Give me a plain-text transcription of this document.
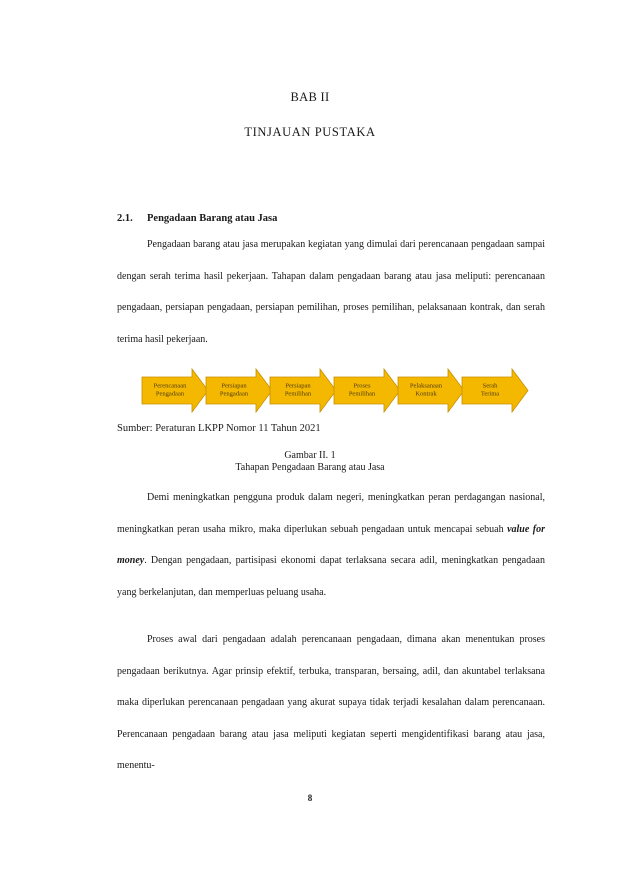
BAB II
TINJAUAN PUSTAKA
2.1. Pengadaan Barang atau Jasa

Pengadaan barang atau jasa merupakan kegiatan yang dimulai dari perencanaan pengadaan sampai dengan serah terima hasil pekerjaan. Tahapan dalam pengadaan barang atau jasa meliputi: perencanaan pengadaan, persiapan pengadaan, persiapan pemilihan, proses pemilihan, pelaksanaan kontrak, dan serah terima hasil pekerjaan.

Perencanaan
Pengadaan
Persiapan
Pengadaan
Persiapan
Pemilihan
Proses
Pemilihan
Pelaksanaan
Kontrak
Serah
Terima
Sumber: Peraturan LKPP Nomor 11 Tahun 2021
Gambar II. 1
Tahapan Pengadaan Barang atau Jasa

Demi meningkatkan pengguna produk dalam negeri, meningkatkan peran perdagangan nasional, meningkatkan peran usaha mikro, maka diperlukan sebuah pengadaan untuk mencapai sebuah value for money. Dengan pengadaan, partisipasi ekonomi dapat terlaksana secara adil, meningkatkan pengadaan yang berkelanjutan, dan memperluas peluang usaha.

Proses awal dari pengadaan adalah perencanaan pengadaan, dimana akan menentukan proses pengadaan berikutnya. Agar prinsip efektif, terbuka, transparan, bersaing, adil, dan akuntabel terlaksana maka diperlukan perencanaan pengadaan yang akurat supaya tidak terjadi kesalahan dalam perencanaan. Perencanaan pengadaan barang atau jasa meliputi kegiatan seperti mengidentifikasi barang atau jasa, menentu-

8
